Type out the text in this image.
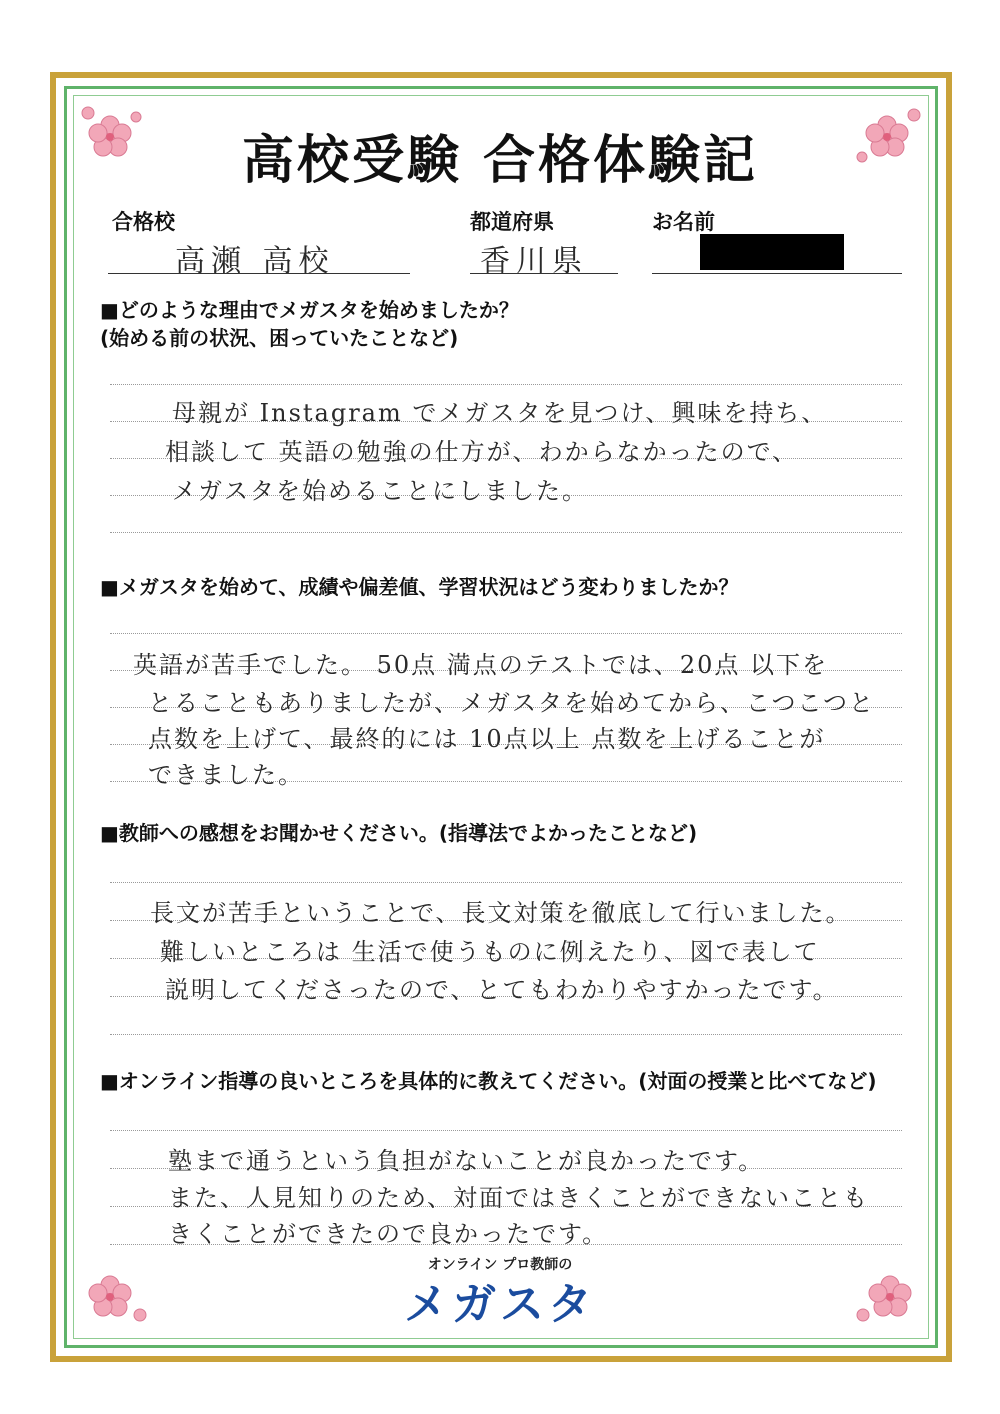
高校受験 合格体験記
合格校
高瀬 高校
都道府県
香川県
お名前
■どのような理由でメガスタを始めましたか？
(始める前の状況、困っていたことなど)
母親が Instagram でメガスタを見つけ、興味を持ち、
相談して 英語の勉強の仕方が、わからなかったので、
メガスタを始めることにしました。
■メガスタを始めて、成績や偏差値、学習状況はどう変わりましたか？
英語が苦手でした。 50点 満点のテストでは、20点 以下を
とることもありましたが、メガスタを始めてから、こつこつと
点数を上げて、最終的には 10点以上 点数を上げることが
できました。
■教師への感想をお聞かせください。(指導法でよかったことなど)
長文が苦手ということで、長文対策を徹底して行いました。
難しいところは 生活で使うものに例えたり、図で表して
説明してくださったので、とてもわかりやすかったです。
■オンライン指導の良いところを具体的に教えてください。(対面の授業と比べてなど)
塾まで通うという負担がないことが良かったです。
また、人見知りのため、対面ではきくことができないことも
きくことができたので良かったです。
オンライン プロ教師の
メガスタ
